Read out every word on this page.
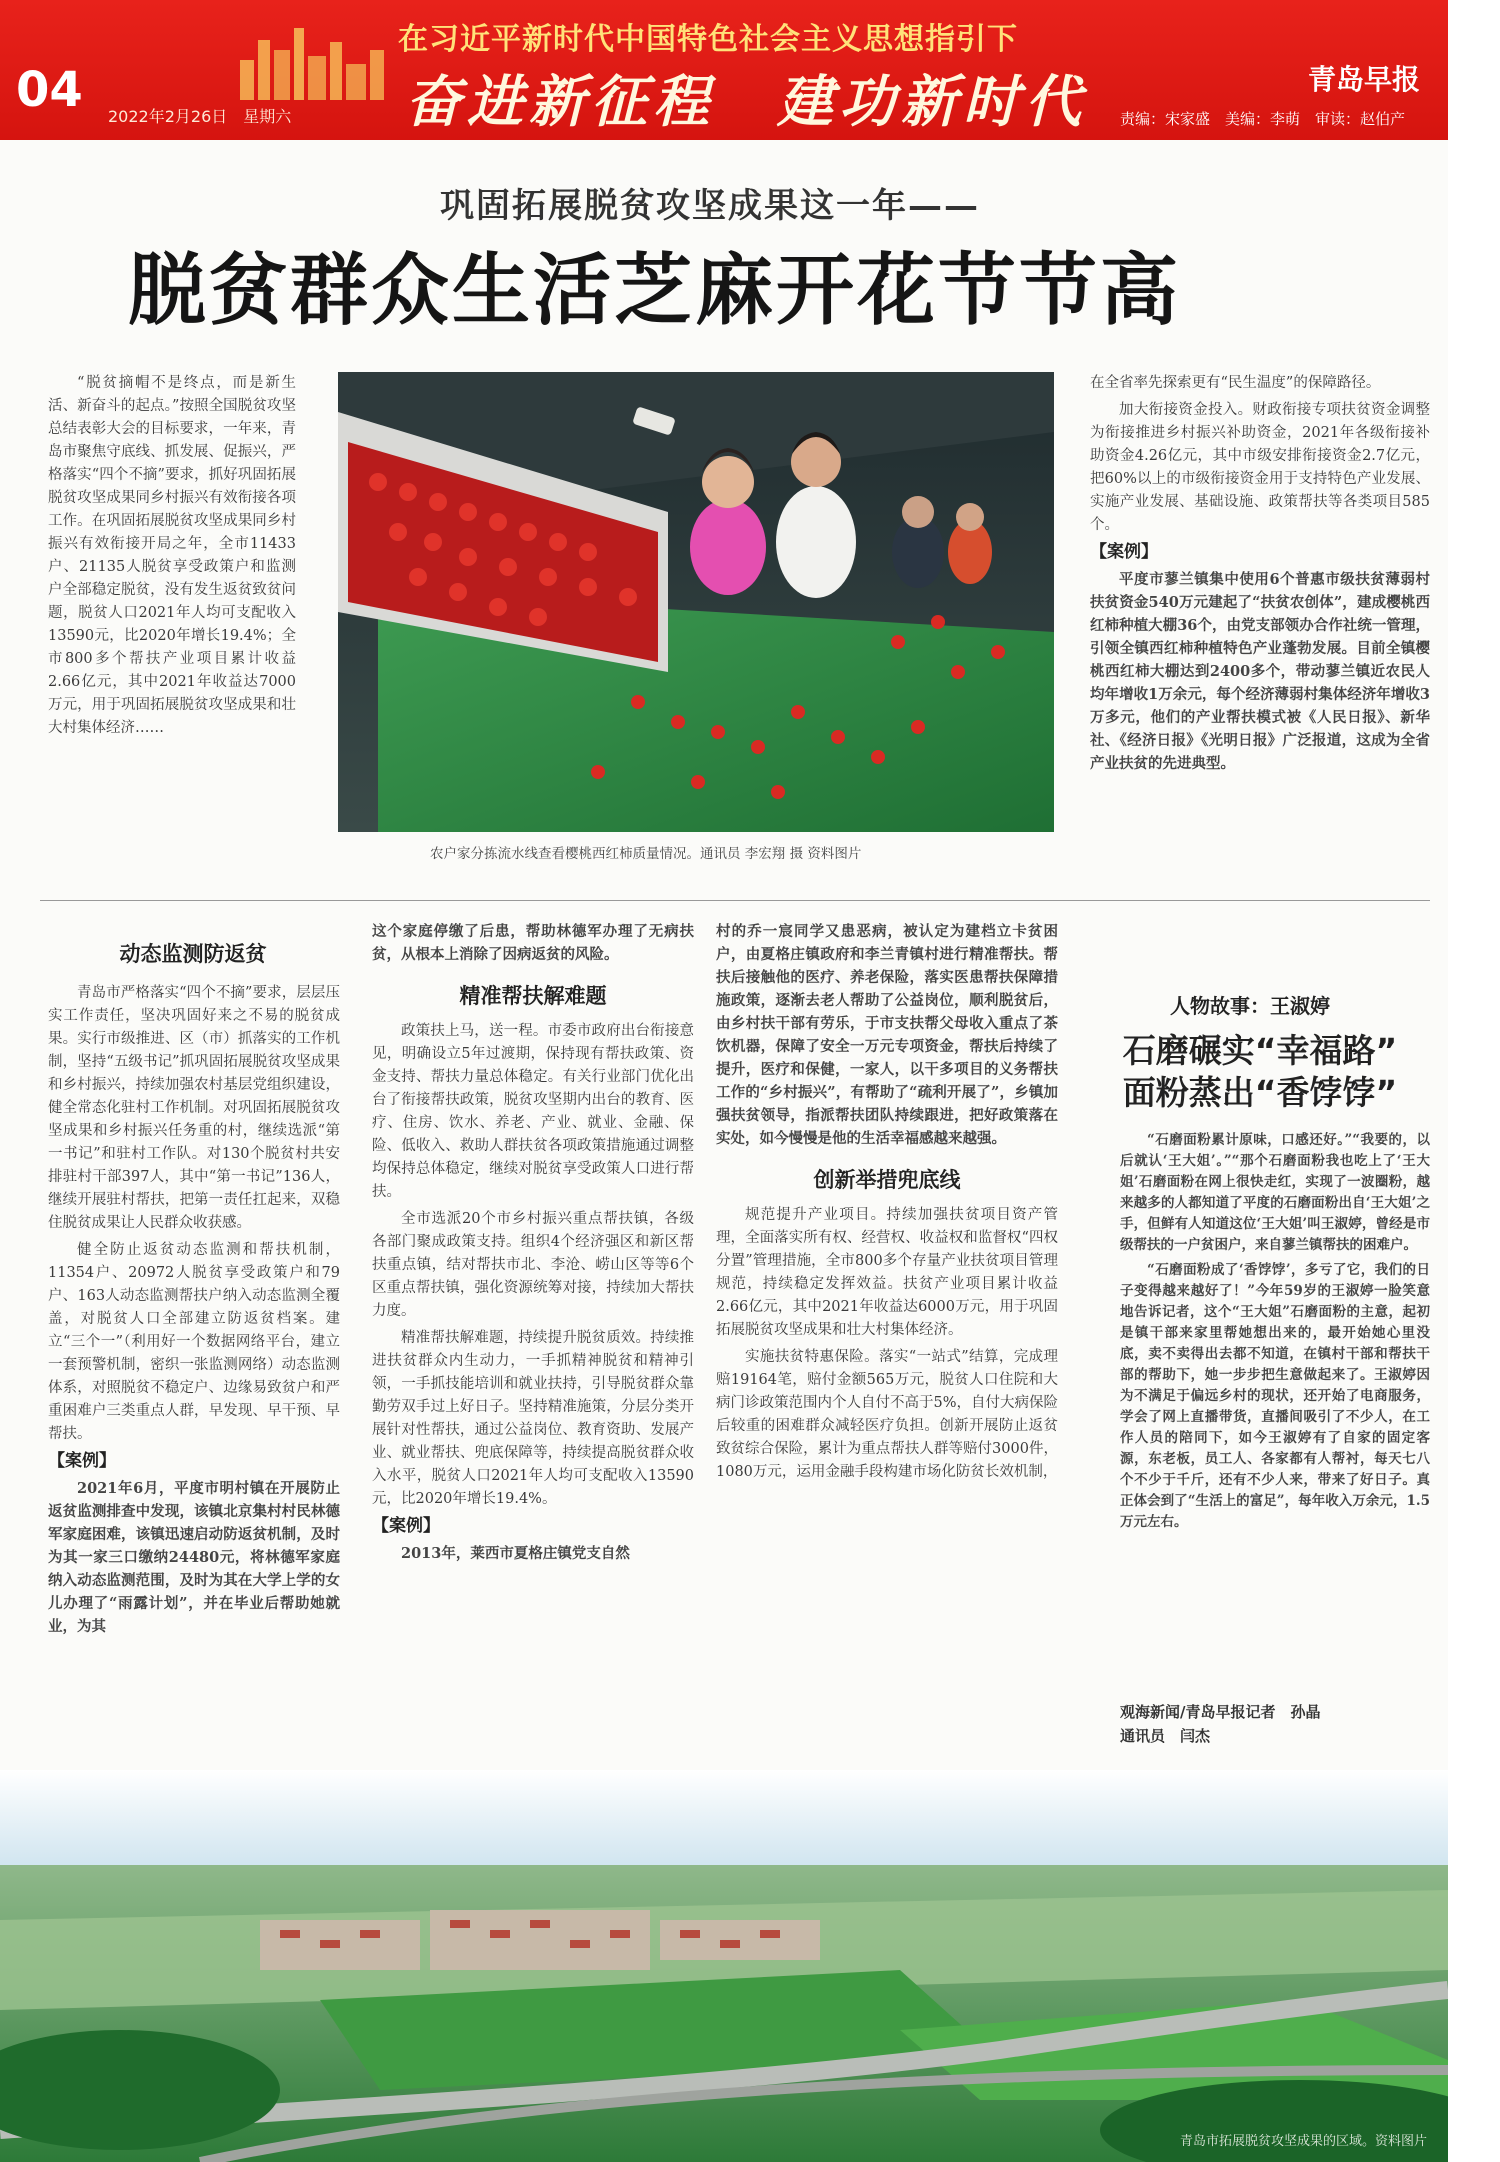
04 2022年2月26日　星期六
在习近平新时代中国特色社会主义思想指引下
奋进新征程　建功新时代	青岛早报
责编：宋家盛　美编：李萌　审读：赵伯产
巩固拓展脱贫攻坚成果这一年——
脱贫群众生活芝麻开花节节高

“脱贫摘帽不是终点，而是新生活、新奋斗的起点。”按照全国脱贫攻坚总结表彰大会的目标要求，一年来，青岛市聚焦守底线、抓发展、促振兴，严格落实“四个不摘”要求，抓好巩固拓展脱贫攻坚成果同乡村振兴有效衔接各项工作。在巩固拓展脱贫攻坚成果同乡村振兴有效衔接开局之年，全市11433户、21135人脱贫享受政策户和监测户全部稳定脱贫，没有发生返贫致贫问题，脱贫人口2021年人均可支配收入13590元，比2020年增长19.4%；全市800多个帮扶产业项目累计收益2.66亿元，其中2021年收益达7000万元，用于巩固拓展脱贫攻坚成果和壮大村集体经济……

农户家分拣流水线查看樱桃西红柿质量情况。通讯员 李宏翔 摄 资料图片

在全省率先探索更有“民生温度”的保障路径。

加大衔接资金投入。财政衔接专项扶贫资金调整为衔接推进乡村振兴补助资金，2021年各级衔接补助资金4.26亿元，其中市级安排衔接资金2.7亿元，把60%以上的市级衔接资金用于支持特色产业发展、实施产业发展、基础设施、政策帮扶等各类项目585个。

【案例】

平度市蓼兰镇集中使用6个普惠市级扶贫薄弱村扶贫资金540万元建起了“扶贫农创体”，建成樱桃西红柿种植大棚36个，由党支部领办合作社统一管理，引领全镇西红柿种植特色产业蓬勃发展。目前全镇樱桃西红柿大棚达到2400多个，带动蓼兰镇近农民人均年增收1万余元，每个经济薄弱村集体经济年增收3万多元，他们的产业帮扶模式被《人民日报》、新华社、《经济日报》《光明日报》广泛报道，这成为全省产业扶贫的先进典型。

动态监测防返贫

青岛市严格落实“四个不摘”要求，层层压实工作责任，坚决巩固好来之不易的脱贫成果。实行市级推进、区（市）抓落实的工作机制，坚持“五级书记”抓巩固拓展脱贫攻坚成果和乡村振兴，持续加强农村基层党组织建设，健全常态化驻村工作机制。对巩固拓展脱贫攻坚成果和乡村振兴任务重的村，继续选派“第一书记”和驻村工作队。对130个脱贫村共安排驻村干部397人，其中“第一书记”136人，继续开展驻村帮扶，把第一责任扛起来，双稳住脱贫成果让人民群众收获感。

健全防止返贫动态监测和帮扶机制，11354户、20972人脱贫享受政策户和79户、163人动态监测帮扶户纳入动态监测全覆盖，对脱贫人口全部建立防返贫档案。建立“三个一”（利用好一个数据网络平台，建立一套预警机制，密织一张监测网络）动态监测体系，对照脱贫不稳定户、边缘易致贫户和严重困难户三类重点人群，早发现、早干预、早帮扶。

【案例】

2021年6月，平度市明村镇在开展防止返贫监测排查中发现，该镇北京集村村民林德军家庭困难，该镇迅速启动防返贫机制，及时为其一家三口缴纳24480元，将林德军家庭纳入动态监测范围，及时为其在大学上学的女儿办理了“雨露计划”，并在毕业后帮助她就业，为其

这个家庭停缴了后患，帮助林德军办理了无病扶贫，从根本上消除了因病返贫的风险。

精准帮扶解难题

政策扶上马，送一程。市委市政府出台衔接意见，明确设立5年过渡期，保持现有帮扶政策、资金支持、帮扶力量总体稳定。有关行业部门优化出台了衔接帮扶政策，脱贫攻坚期内出台的教育、医疗、住房、饮水、养老、产业、就业、金融、保险、低收入、救助人群扶贫各项政策措施通过调整均保持总体稳定，继续对脱贫享受政策人口进行帮扶。

全市选派20个市乡村振兴重点帮扶镇，各级各部门聚成政策支持。组织4个经济强区和新区帮扶重点镇，结对帮扶市北、李沧、崂山区等等6个区重点帮扶镇，强化资源统筹对接，持续加大帮扶力度。

精准帮扶解难题，持续提升脱贫质效。持续推进扶贫群众内生动力，一手抓精神脱贫和精神引领，一手抓技能培训和就业扶持，引导脱贫群众靠勤劳双手过上好日子。坚持精准施策，分层分类开展针对性帮扶，通过公益岗位、教育资助、发展产业、就业帮扶、兜底保障等，持续提高脱贫群众收入水平，脱贫人口2021年人均可支配收入13590元，比2020年增长19.4%。

【案例】

2013年，莱西市夏格庄镇党支自然

村的乔一宸同学又患恶病，被认定为建档立卡贫困户，由夏格庄镇政府和李兰青镇村进行精准帮扶。帮扶后接触他的医疗、养老保险，落实医患帮扶保障措施政策，逐渐去老人帮助了公益岗位，顺利脱贫后，由乡村扶干部有劳乐，于市支扶帮父母收入重点了茶饮机器，保障了安全一万元专项资金，帮扶后持续了提升，医疗和保健，一家人，以干多项目的义务帮扶工作的“乡村振兴”，有帮助了“疏利开展了”，乡镇加强扶贫领导，指派帮扶团队持续跟进，把好政策落在实处，如今慢慢是他的生活幸福感越来越强。

创新举措兜底线

规范提升产业项目。持续加强扶贫项目资产管理，全面落实所有权、经营权、收益权和监督权“四权分置”管理措施，全市800多个存量产业扶贫项目管理规范，持续稳定发挥效益。扶贫产业项目累计收益2.66亿元，其中2021年收益达6000万元，用于巩固拓展脱贫攻坚成果和壮大村集体经济。

实施扶贫特惠保险。落实“一站式”结算，完成理赔19164笔，赔付金额565万元，脱贫人口住院和大病门诊政策范围内个人自付不高于5%，自付大病保险后较重的困难群众减轻医疗负担。创新开展防止返贫致贫综合保险，累计为重点帮扶人群等赔付3000件，1080万元，运用金融手段构建市场化防贫长效机制，

人物故事：王淑婷
石磨碾实“幸福路”　面粉蒸出“香饽饽”

“石磨面粉累计原味，口感还好。”“我要的，以后就认‘王大姐’。”“那个石磨面粉我也吃上了‘王大姐’石磨面粉在网上很快走红，实现了一波圈粉，越来越多的人都知道了平度的石磨面粉出自‘王大姐’之手，但鲜有人知道这位‘王大姐’叫王淑婷，曾经是市级帮扶的一户贫困户，来自蓼兰镇帮扶的困难户。

“石磨面粉成了‘香饽饽’，多亏了它，我们的日子变得越来越好了！”今年59岁的王淑婷一脸笑意地告诉记者，这个“王大姐”石磨面粉的主意，起初是镇干部来家里帮她想出来的，最开始她心里没底，卖不卖得出去都不知道，在镇村干部和帮扶干部的帮助下，她一步步把生意做起来了。王淑婷因为不满足于偏远乡村的现状，还开始了电商服务，学会了网上直播带货，直播间吸引了不少人，在工作人员的陪同下，如今王淑婷有了自家的固定客源，东老板，员工人、各家都有人帮衬，每天七八个不少于千斤，还有不少人来，带来了好日子。真正体会到了“生活上的富足”，每年收入万余元，1.5万元左右。

观海新闻/青岛早报记者　孙晶
通讯员　闫杰
青岛市拓展脱贫攻坚成果的区域。资料图片
